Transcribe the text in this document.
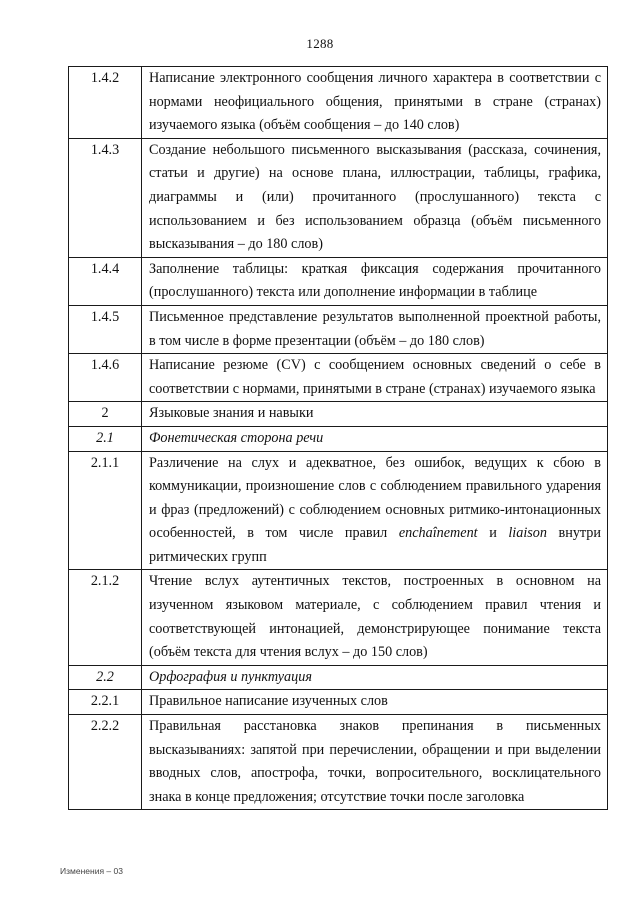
1288
1.4.2	Написание электронного сообщения личного характера в соответствии с нормами неофициального общения, принятыми в стране (странах) изучаемого языка (объём сообщения – до 140 слов)
1.4.3	Создание небольшого письменного высказывания (рассказа, сочинения, статьи и другие) на основе плана, иллюстрации, таблицы, графика, диаграммы и (или) прочитанного (прослушанного) текста с использованием и без использованием образца (объём письменного высказывания – до 180 слов)
1.4.4	Заполнение таблицы: краткая фиксация содержания прочитанного (прослушанного) текста или дополнение информации в таблице
1.4.5	Письменное представление результатов выполненной проектной работы, в том числе в форме презентации (объём – до 180 слов)
1.4.6	Написание резюме (CV) с сообщением основных сведений о себе в соответствии с нормами, принятыми в стране (странах) изучаемого языка
2	Языковые знания и навыки
2.1	Фонетическая сторона речи
2.1.1	Различение на слух и адекватное, без ошибок, ведущих к сбою в коммуникации, произношение слов с соблюдением правильного ударения и фраз (предложений) с соблюдением основных ритмико-интонационных особенностей, в том числе правил enchaînement и liaison внутри ритмических групп
2.1.2	Чтение вслух аутентичных текстов, построенных в основном на изученном языковом материале, с соблюдением правил чтения и соответствующей интонацией, демонстрирующее понимание текста (объём текста для чтения вслух – до 150 слов)
2.2	Орфография и пунктуация
2.2.1	Правильное написание изученных слов
2.2.2	Правильная расстановка знаков препинания в письменных высказываниях: запятой при перечислении, обращении и при выделении вводных слов, апострофа, точки, вопросительного, восклицательного знака в конце предложения; отсутствие точки после заголовка
Изменения – 03
